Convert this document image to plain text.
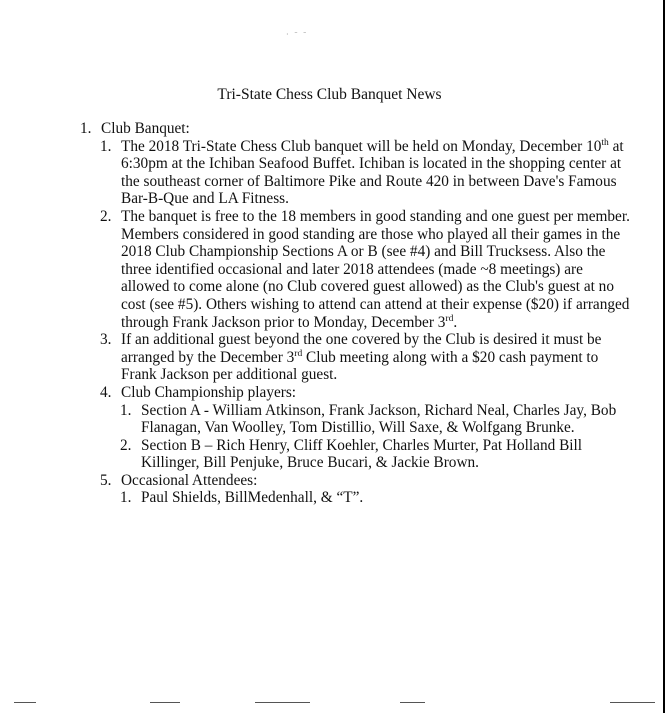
· ˉ ˉ
Tri-State Chess Club Banquet News
1. Club Banquet:
1. The 2018 Tri-State Chess Club banquet will be held on Monday, December 10th at 6:30pm at the Ichiban Seafood Buffet. Ichiban is located in the shopping center at the southeast corner of Baltimore Pike and Route 420 in between Dave's Famous Bar-B-Que and LA Fitness.
2. The banquet is free to the 18 members in good standing and one guest per member. Members considered in good standing are those who played all their games in the 2018 Club Championship Sections A or B (see #4) and Bill Trucksess. Also the three identified occasional and later 2018 attendees (made ~8 meetings) are allowed to come alone (no Club covered guest allowed) as the Club's guest at no cost (see #5). Others wishing to attend can attend at their expense ($20) if arranged through Frank Jackson prior to Monday, December 3rd.
3. If an additional guest beyond the one covered by the Club is desired it must be arranged by the December 3rd Club meeting along with a $20 cash payment to Frank Jackson per additional guest.
4. Club Championship players:
1. Section A - William Atkinson, Frank Jackson, Richard Neal, Charles Jay, Bob Flanagan, Van Woolley, Tom Distillio, Will Saxe, & Wolfgang Brunke.
2. Section B – Rich Henry, Cliff Koehler, Charles Murter, Pat Holland Bill Killinger, Bill Penjuke, Bruce Bucari, & Jackie Brown.
5. Occasional Attendees:
1. Paul Shields, BillMedenhall, & “T”.
